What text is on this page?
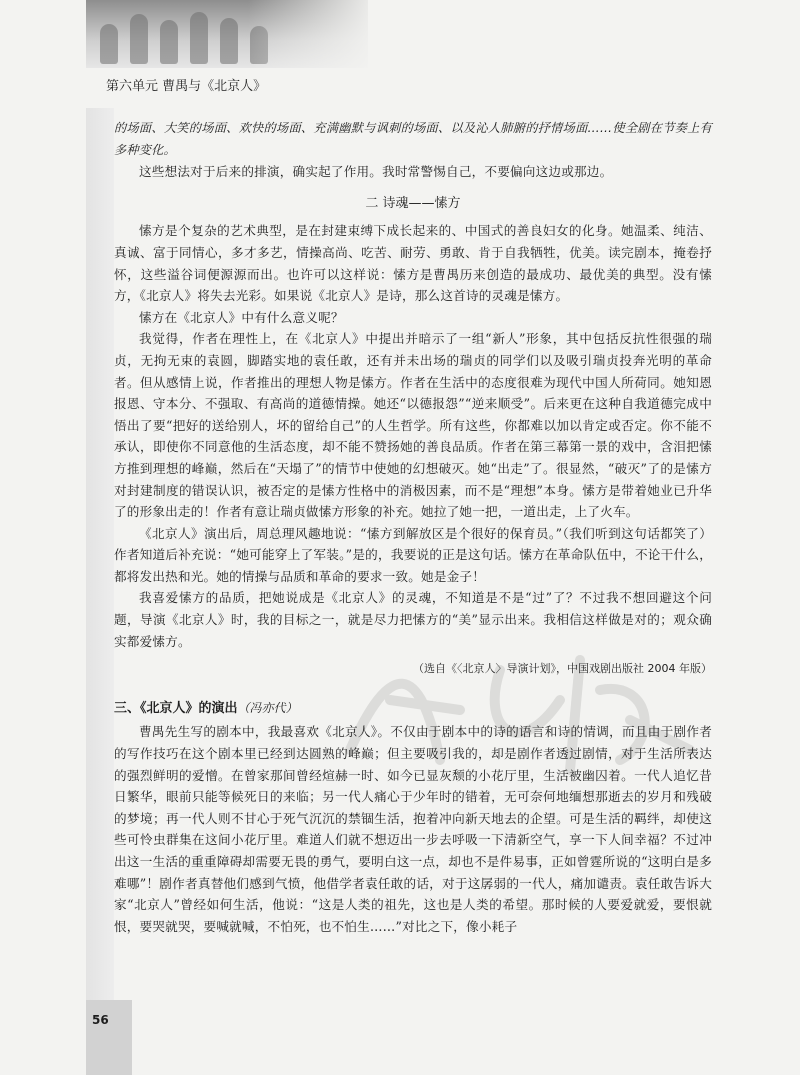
第六单元 曹禺与《北京人》
56

的场面、大笑的场面、欢快的场面、充满幽默与讽刺的场面、以及沁人肺腑的抒情场面……使全剧在节奏上有多种变化。

这些想法对于后来的排演，确实起了作用。我时常警惕自己，不要偏向这边或那边。

二 诗魂——愫方

愫方是个复杂的艺术典型，是在封建束缚下成长起来的、中国式的善良妇女的化身。她温柔、纯洁、真诚、富于同情心，多才多艺，情操高尚、吃苦、耐劳、勇敢、肯于自我牺牲，优美。读完剧本，掩卷抒怀，这些溢谷词便源源而出。也许可以这样说：愫方是曹禺历来创造的最成功、最优美的典型。没有愫方，《北京人》将失去光彩。如果说《北京人》是诗，那么这首诗的灵魂是愫方。

愫方在《北京人》中有什么意义呢？

我觉得，作者在理性上，在《北京人》中提出并暗示了一组“新人”形象，其中包括反抗性很强的瑞贞，无拘无束的袁圆，脚踏实地的袁任敢，还有并未出场的瑞贞的同学们以及吸引瑞贞投奔光明的革命者。但从感情上说，作者推出的理想人物是愫方。作者在生活中的态度很难为现代中国人所荷同。她知恩报恩、守本分、不强取、有高尚的道德情操。她还“以德报怨”“逆来顺受”。后来更在这种自我道德完成中悟出了要“把好的送给别人，坏的留给自己”的人生哲学。所有这些，你都难以加以肯定或否定。你不能不承认，即使你不同意他的生活态度，却不能不赞扬她的善良品质。作者在第三幕第一景的戏中，含泪把愫方推到理想的峰巅，然后在“天塌了”的情节中使她的幻想破灭。她“出走”了。很显然，“破灭”了的是愫方对封建制度的错误认识，被否定的是愫方性格中的消极因素，而不是“理想”本身。愫方是带着她业已升华了的形象出走的！作者有意让瑞贞做愫方形象的补充。她拉了她一把，一道出走，上了火车。

《北京人》演出后，周总理风趣地说：“愫方到解放区是个很好的保育员。”（我们听到这句话都笑了）作者知道后补充说：“她可能穿上了军装。”是的，我要说的正是这句话。愫方在革命队伍中，不论干什么，都将发出热和光。她的情操与品质和革命的要求一致。她是金子！

我喜爱愫方的品质，把她说成是《北京人》的灵魂，不知道是不是“过”了？不过我不想回避这个问题，导演《北京人》时，我的目标之一，就是尽力把愫方的“美”显示出来。我相信这样做是对的；观众确实都爱愫方。

（选自《〈北京人〉导演计划》，中国戏剧出版社 2004 年版）
三、《北京人》的演出（冯亦代）

曹禺先生写的剧本中，我最喜欢《北京人》。不仅由于剧本中的诗的语言和诗的情调，而且由于剧作者的写作技巧在这个剧本里已经到达圆熟的峰巅；但主要吸引我的，却是剧作者透过剧情，对于生活所表达的强烈鲜明的爱憎。在曾家那间曾经煊赫一时、如今已显灰颓的小花厅里，生活被幽囚着。一代人追忆昔日繁华，眼前只能等候死日的来临；另一代人痛心于少年时的错着，无可奈何地缅想那逝去的岁月和残破的梦境；再一代人则不甘心于死气沉沉的禁锢生活，抱着冲向新天地去的企望。可是生活的羁绊，却使这些可怜虫群集在这间小花厅里。难道人们就不想迈出一步去呼吸一下清新空气，享一下人间幸福？不过冲出这一生活的重重障碍却需要无畏的勇气，要明白这一点，却也不是件易事，正如曾霆所说的“这明白是多难哪”！剧作者真替他们感到气愤，他借学者袁任敢的话，对于这孱弱的一代人，痛加谴责。袁任敢告诉大家“北京人”曾经如何生活，他说：“这是人类的祖先，这也是人类的希望。那时候的人要爱就爱，要恨就恨，要哭就哭，要喊就喊，不怕死，也不怕生……”对比之下，像小耗子
